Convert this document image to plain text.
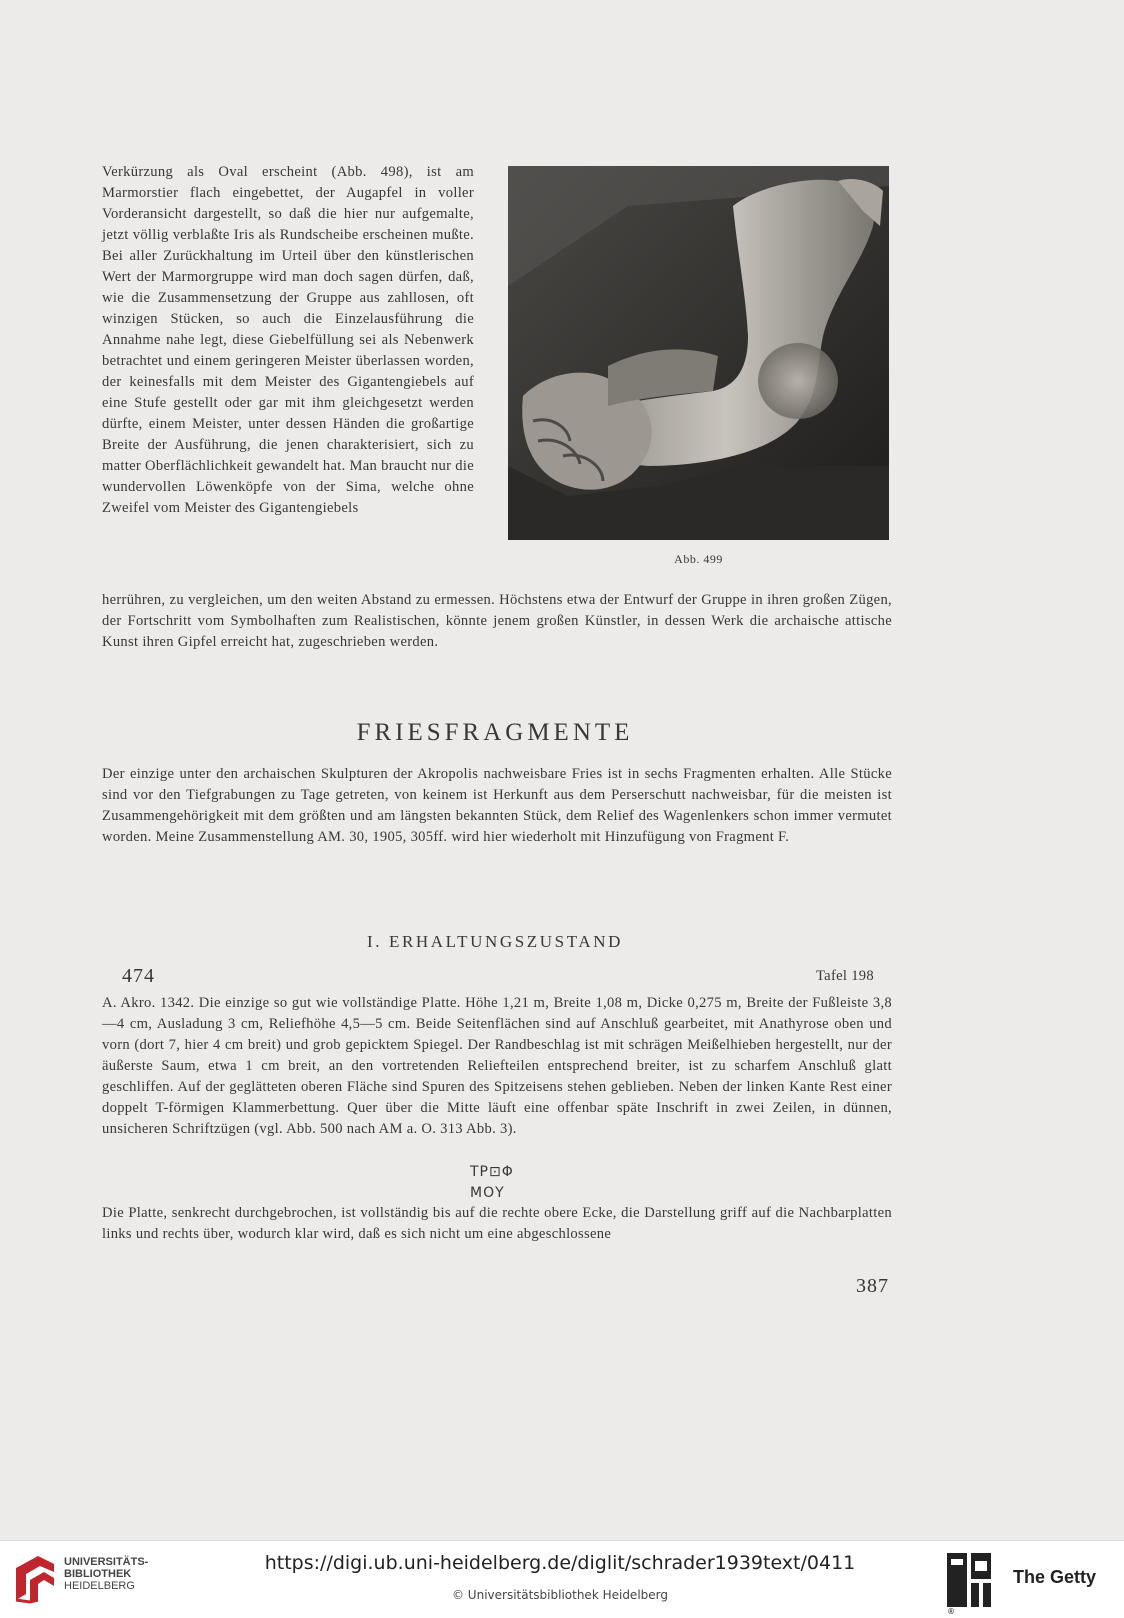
Verkürzung als Oval erscheint (Abb. 498), ist am Marmorstier flach eingebettet, der Augapfel in voller Vorderansicht dargestellt, so daß die hier nur aufgemalte, jetzt völlig verblaßte Iris als Rundscheibe erscheinen mußte. Bei aller Zurückhaltung im Urteil über den künstlerischen Wert der Marmorgruppe wird man doch sagen dürfen, daß, wie die Zusammensetzung der Gruppe aus zahllosen, oft winzigen Stücken, so auch die Einzelausführung die Annahme nahe legt, diese Giebelfüllung sei als Nebenwerk betrachtet und einem geringeren Meister überlassen worden, der keinesfalls mit dem Meister des Gigantengiebels auf eine Stufe gestellt oder gar mit ihm gleichgesetzt werden dürfte, einem Meister, unter dessen Händen die großartige Breite der Ausführung, die jenen charakterisiert, sich zu matter Oberflächlichkeit gewandelt hat. Man braucht nur die wundervollen Löwenköpfe von der Sima, welche ohne Zweifel vom Meister des Gigantengiebels

Abb. 499

herrühren, zu vergleichen, um den weiten Abstand zu ermessen. Höchstens etwa der Entwurf der Gruppe in ihren großen Zügen, der Fortschritt vom Symbolhaften zum Realistischen, könnte jenem großen Künstler, in dessen Werk die archaische attische Kunst ihren Gipfel erreicht hat, zugeschrieben werden.

FRIESFRAGMENTE

Der einzige unter den archaischen Skulpturen der Akropolis nachweisbare Fries ist in sechs Fragmenten erhalten. Alle Stücke sind vor den Tiefgrabungen zu Tage getreten, von keinem ist Herkunft aus dem Perserschutt nachweisbar, für die meisten ist Zusammengehörigkeit mit dem größten und am längsten bekannten Stück, dem Relief des Wagenlenkers schon immer vermutet worden. Meine Zusammenstellung AM. 30, 1905, 305ff. wird hier wiederholt mit Hinzufügung von Fragment F.

I. ERHALTUNGSZUSTAND
474	Tafel 198

A. Akro. 1342. Die einzige so gut wie vollständige Platte. Höhe 1,21 m, Breite 1,08 m, Dicke 0,275 m, Breite der Fußleiste 3,8—4 cm, Ausladung 3 cm, Reliefhöhe 4,5—5 cm. Beide Seitenflächen sind auf Anschluß gearbeitet, mit Anathyrose oben und vorn (dort 7, hier 4 cm breit) und grob gepicktem Spiegel. Der Randbeschlag ist mit schrägen Meißelhieben hergestellt, nur der äußerste Saum, etwa 1 cm breit, an den vortretenden Reliefteilen entsprechend breiter, ist zu scharfem Anschluß glatt geschliffen. Auf der geglätteten oberen Fläche sind Spuren des Spitzeisens stehen geblieben. Neben der linken Kante Rest einer doppelt T-förmigen Klammerbettung. Quer über die Mitte läuft eine offenbar späte Inschrift in zwei Zeilen, in dünnen, unsicheren Schriftzügen (vgl. Abb. 500 nach AM a. O. 313 Abb. 3).

TP⊡Φ
ΜΟΥ

Die Platte, senkrecht durchgebrochen, ist vollständig bis auf die rechte obere Ecke, die Darstellung griff auf die Nachbarplatten links und rechts über, wodurch klar wird, daß es sich nicht um eine abgeschlossene

387
UNIVERSITÄTS-
BIBLIOTHEK
HEIDELBERG
https://digi.ub.uni-heidelberg.de/diglit/schrader1939text/0411
© Universitätsbibliothek Heidelberg
®
The Getty
